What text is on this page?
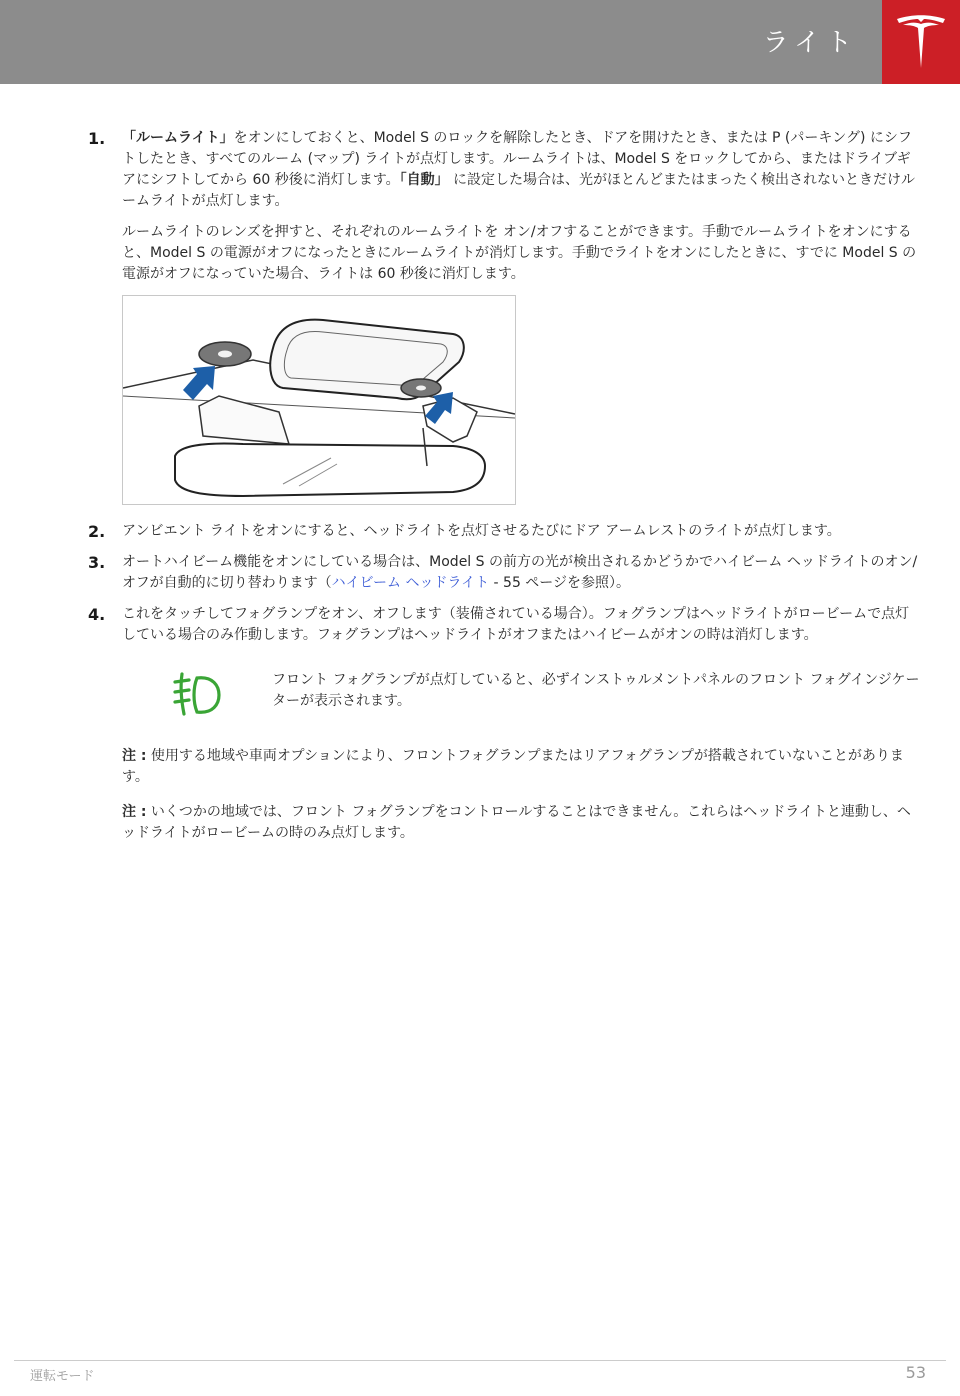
ライト
1. 「ルームライト」をオンにしておくと、Model S のロックを解除したとき、ドアを開けたとき、または P (パーキング) にシフトしたとき、すべてのルーム (マップ) ライトが点灯します。ルームライトは、Model S をロックしてから、またはドライブギアにシフトしてから 60 秒後に消灯します。「自動」 に設定した場合は、光がほとんどまたはまったく検出されないときだけルームライトが点灯します。

ルームライトのレンズを押すと、それぞれのルームライトを オン/オフすることができます。手動でルームライトをオンにすると、Model S の電源がオフになったときにルームライトが消灯します。手動でライトをオンにしたときに、すでに Model S の電源がオフになっていた場合、ライトは 60 秒後に消灯します。

2. アンビエント ライトをオンにすると、ヘッドライトを点灯させるたびにドア アームレストのライトが点灯します。
3. オートハイビーム機能をオンにしている場合は、Model S の前方の光が検出されるかどうかでハイビーム ヘッドライトのオン/オフが自動的に切り替わります（ハイビーム ヘッドライト - 55 ページを参照）。
4. これをタッチしてフォグランプをオン、オフします（装備されている場合）。フォグランプはヘッドライトがロービームで点灯している場合のみ作動します。フォグランプはヘッドライトがオフまたはハイビームがオンの時は消灯します。
フロント フォグランプが点灯していると、必ずインストゥルメントパネルのフロント フォグインジケーターが表示されます。
注 : 使用する地域や車両オプションにより、フロントフォグランプまたはリアフォグランプが搭載されていないことがあります。
注 : いくつかの地域では、フロント フォグランプをコントロールすることはできません。これらはヘッドライトと連動し、ヘッドライトがロービームの時のみ点灯します。
運転モード	53
